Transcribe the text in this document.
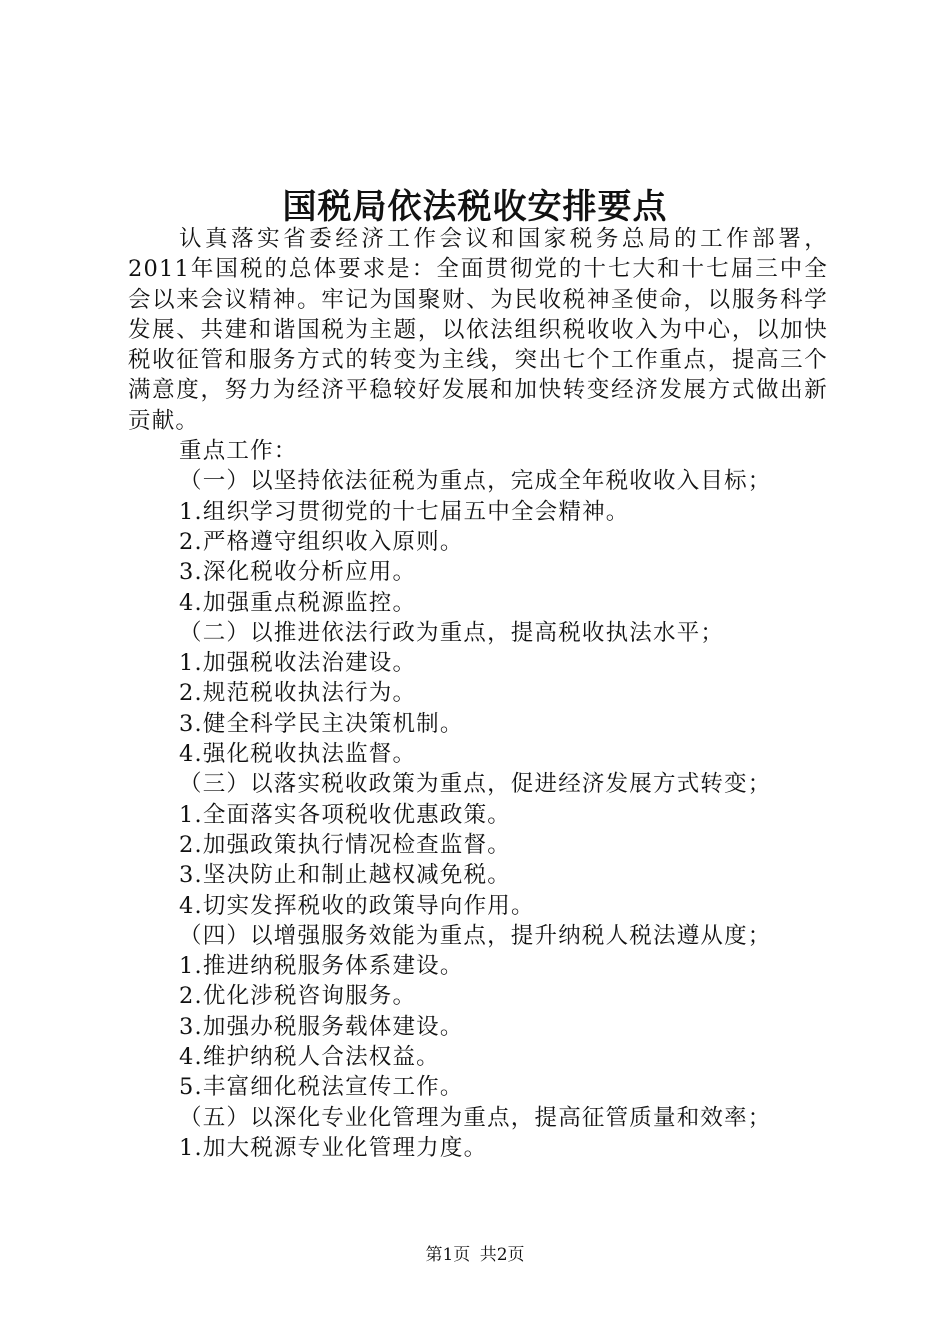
国税局依法税收安排要点

认真落实省委经济工作会议和国家税务总局的工作部署，2011年国税的总体要求是：全面贯彻党的十七大和十七届三中全会以来会议精神。牢记为国聚财、为民收税神圣使命，以服务科学发展、共建和谐国税为主题，以依法组织税收收入为中心，以加快税收征管和服务方式的转变为主线，突出七个工作重点，提高三个满意度，努力为经济平稳较好发展和加快转变经济发展方式做出新贡献。

重点工作：

（一）以坚持依法征税为重点，完成全年税收收入目标；

1.组织学习贯彻党的十七届五中全会精神。

2.严格遵守组织收入原则。

3.深化税收分析应用。

4.加强重点税源监控。

（二）以推进依法行政为重点，提高税收执法水平；

1.加强税收法治建设。

2.规范税收执法行为。

3.健全科学民主决策机制。

4.强化税收执法监督。

（三）以落实税收政策为重点，促进经济发展方式转变；

1.全面落实各项税收优惠政策。

2.加强政策执行情况检查监督。

3.坚决防止和制止越权减免税。

4.切实发挥税收的政策导向作用。

（四）以增强服务效能为重点，提升纳税人税法遵从度；

1.推进纳税服务体系建设。

2.优化涉税咨询服务。

3.加强办税服务载体建设。

4.维护纳税人合法权益。

5.丰富细化税法宣传工作。

（五）以深化专业化管理为重点，提高征管质量和效率；

1.加大税源专业化管理力度。

第1页 共2页
